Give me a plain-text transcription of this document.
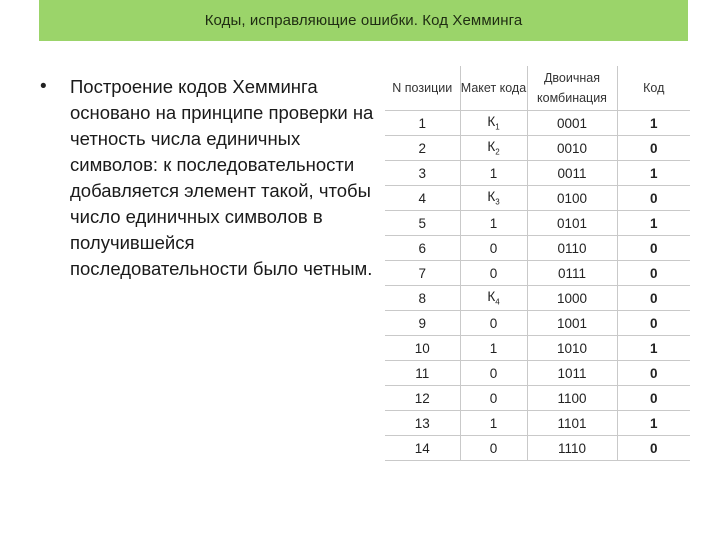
Коды, исправляющие ошибки. Код Хемминга
•	Построение кодов Хемминга основано на принципе проверки на четность числа единичных символов: к последовательности добавляется элемент такой, чтобы число единичных символов в получившейся последовательности было четным.
N позиции	Макет кода	Двоичная комбинация	Код
1	$К_1$	0001	1
2	$К_2$	0010	0
3	1	0011	1
4	$К_3$	0100	0
5	1	0101	1
6	0	0110	0
7	0	0111	0
8	$К_4$	1000	0
9	0	1001	0
10	1	1010	1
11	0	1011	0
12	0	1100	0
13	1	1101	1
14	0	1110	0
